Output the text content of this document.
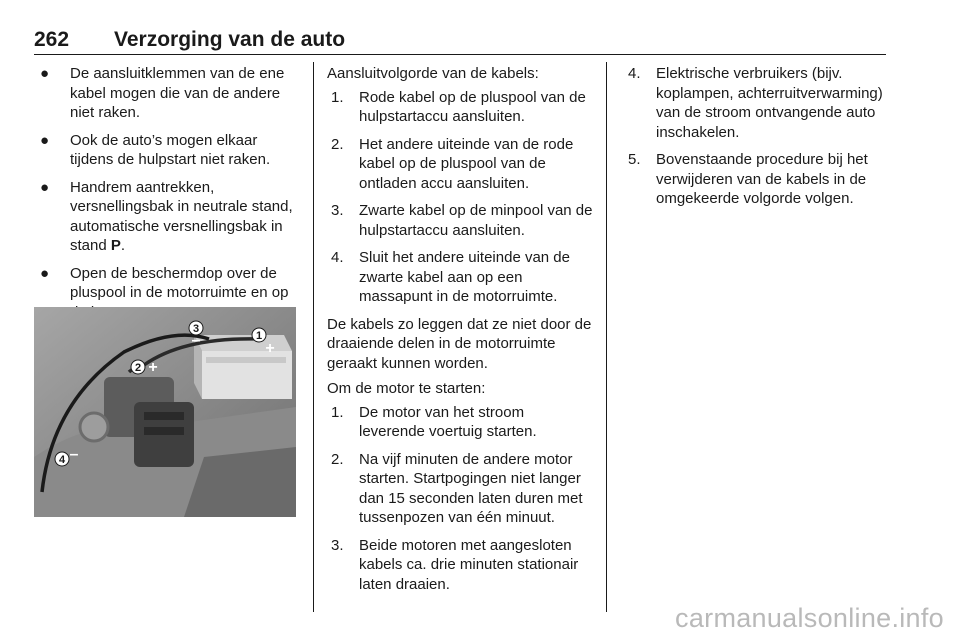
262 Verzorging van de auto
● De aansluitklemmen van de ene kabel mogen die van de andere niet raken.
● Ook de auto’s mogen elkaar tijdens de hulpstart niet raken.
● Handrem aantrekken, versnellingsbak in neutrale stand, automatische versnellingsbak in stand P.
● Open de beschermdop over de pluspool in de motorruimte en op
1
+
2 +
3
–
4 –
Aansluitvolgorde van de kabels:
1. Rode kabel op de pluspool van de hulpstartaccu aansluiten.
2. Het andere uiteinde van de rode kabel op de pluspool van de ontladen accu aansluiten.
3. Zwarte kabel op de minpool van de hulpstartaccu aansluiten.
4. Sluit het andere uiteinde van de zwarte kabel aan op een massapunt in de motorruimte.
De kabels zo leggen dat ze niet door de draaiende delen in de motorruimte geraakt kunnen worden.
Om de motor te starten:
1. De motor van het stroom leverende voertuig starten.
2. Na vijf minuten de andere motor starten. Startpogingen niet langer dan 15 seconden laten duren met tussenpozen van één minuut.
3. Beide motoren met aangesloten kabels ca. drie minuten stationair laten draaien.
4. Elektrische verbruikers (bijv. koplampen, achterruitverwarming) van de stroom ontvangende auto inschakelen.
5. Bovenstaande procedure bij het verwijderen van de kabels in de omgekeerde volgorde volgen.
carmanualsonline.info
